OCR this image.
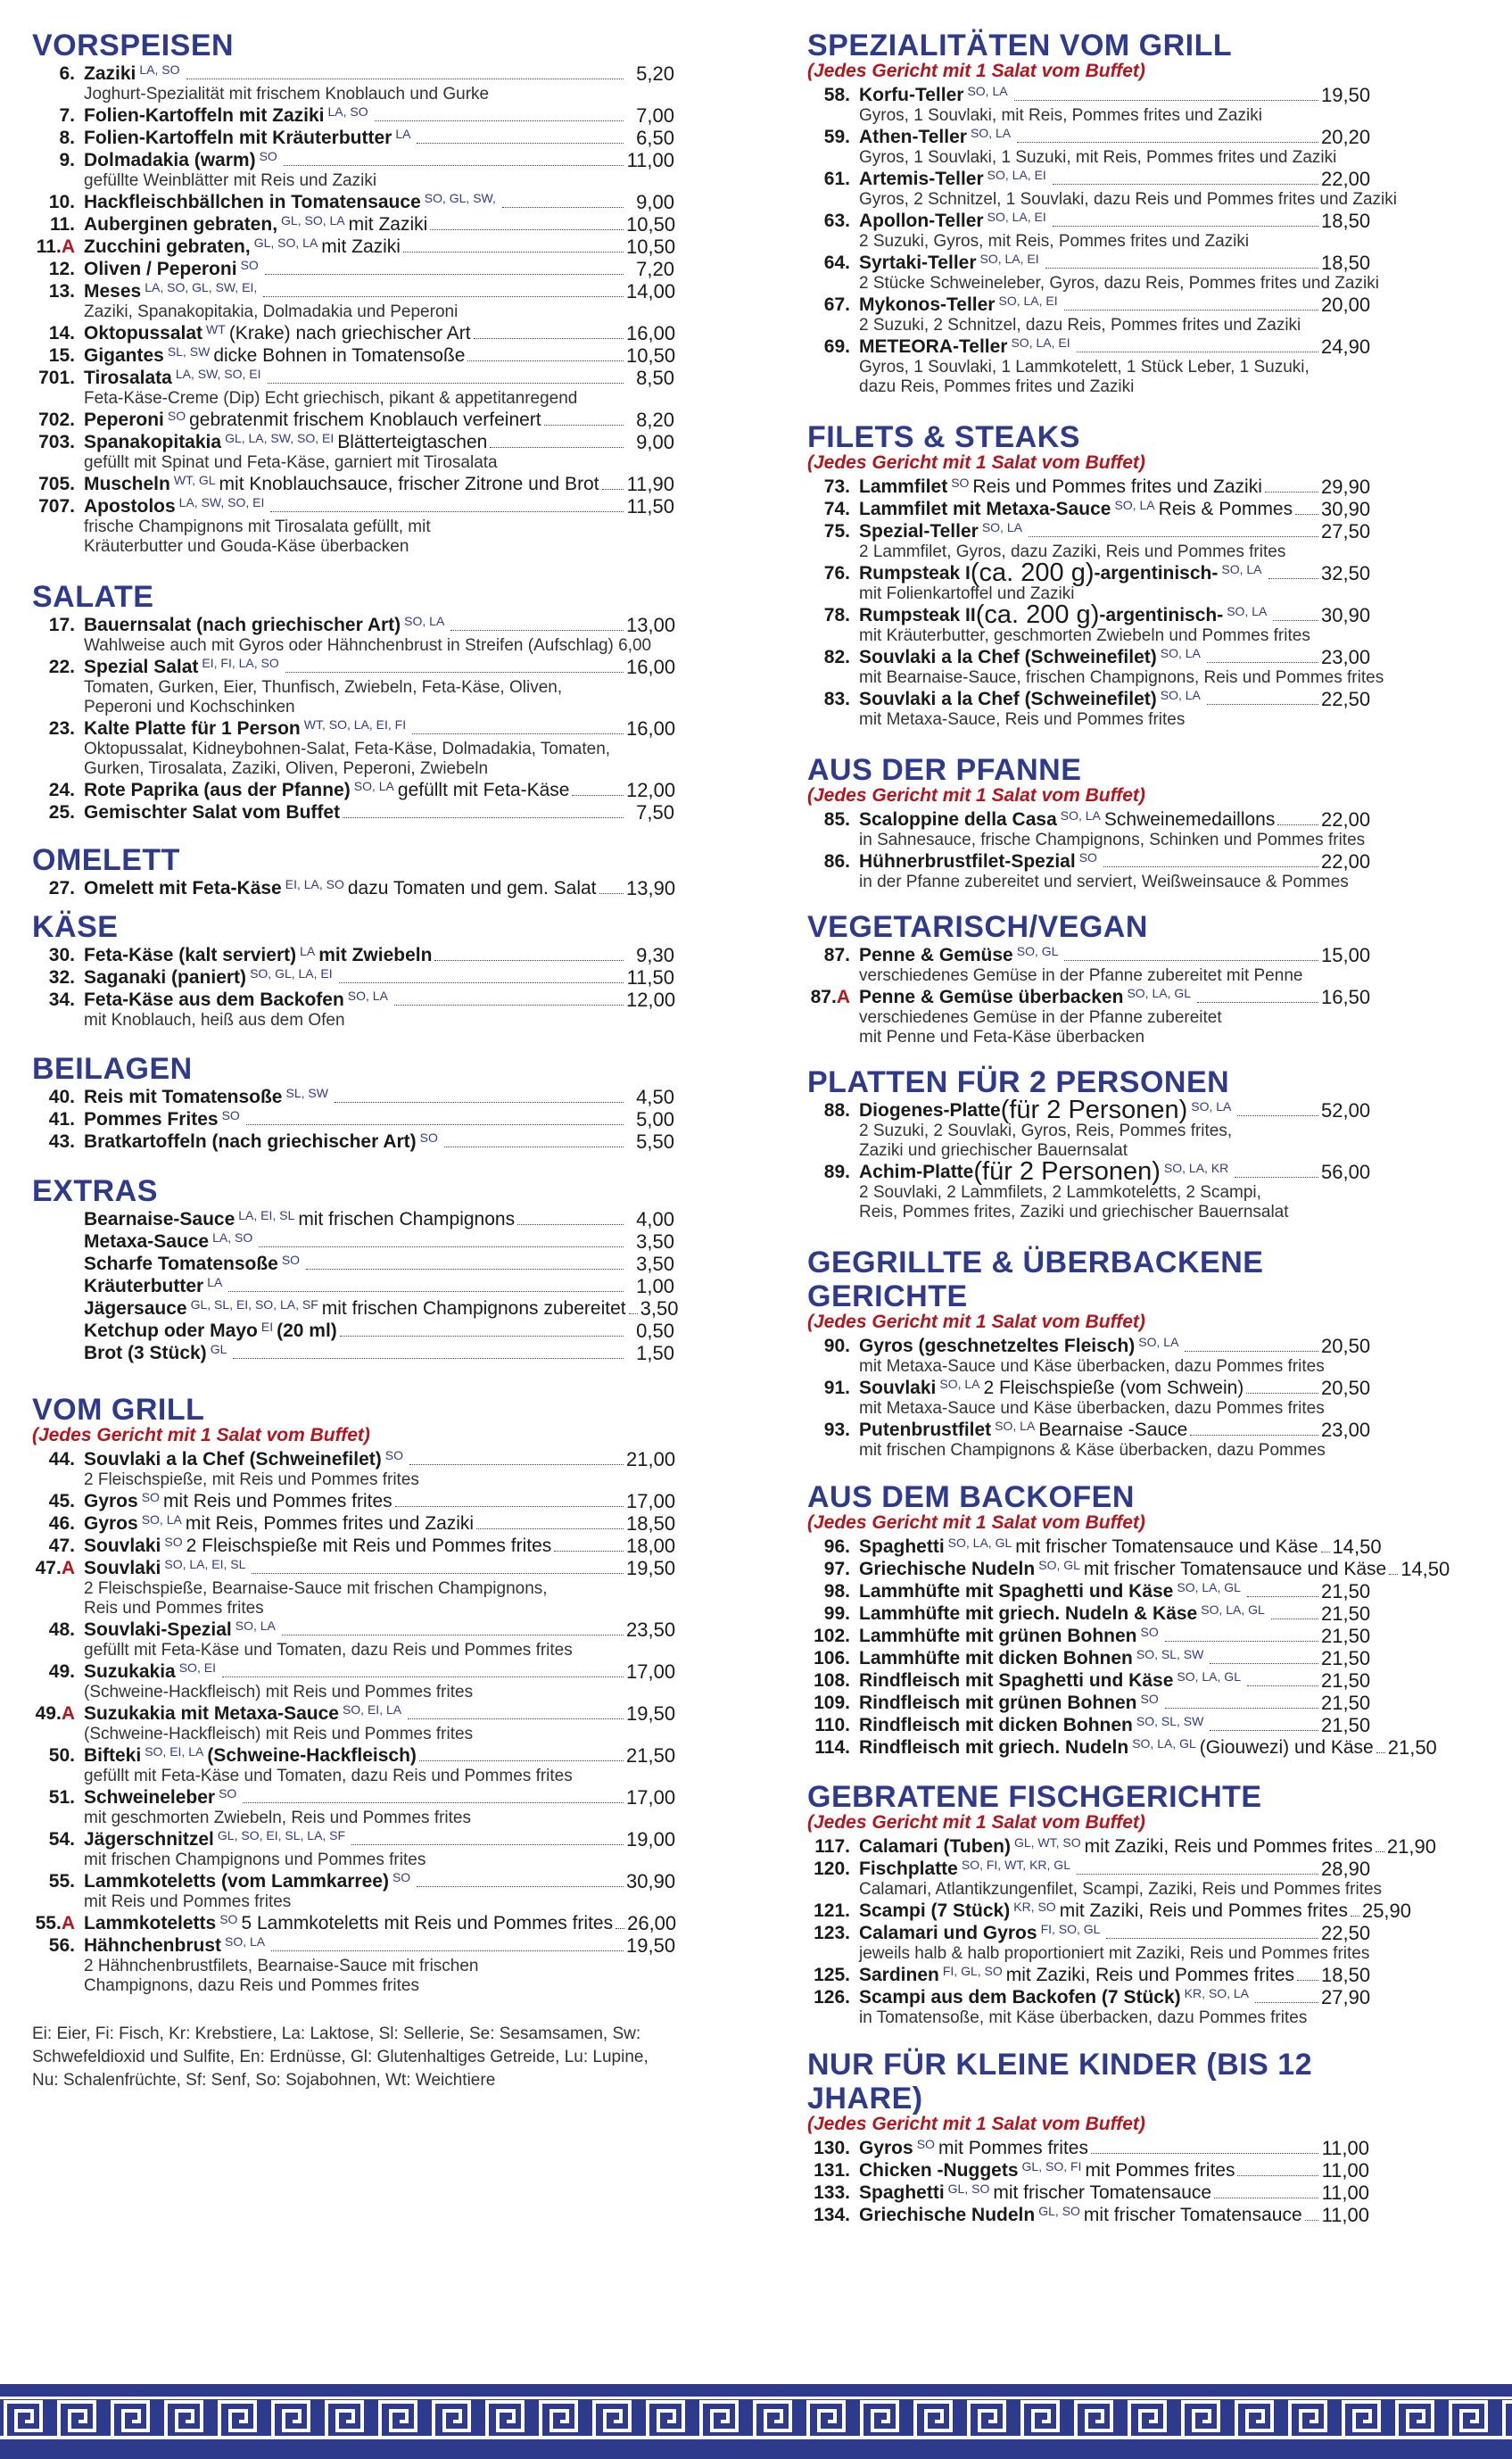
VORSPEISEN
6. Zaziki LA, SO	5,20
Joghurt-Spezialität mit frischem Knoblauch und Gurke
7. Folien-Kartoffeln mit Zaziki LA, SO	7,00
8. Folien-Kartoffeln mit Kräuterbutter LA	6,50
9. Dolmadakia (warm) SO	11,00
gefüllte Weinblätter mit Reis und Zaziki
10. Hackfleischbällchen in Tomatensauce SO, GL, SW,	9,00
11. Auberginen gebraten, GL, SO, LA mit Zaziki	10,50
11.A Zucchini gebraten, GL, SO, LA mit Zaziki	10,50
12. Oliven / Peperoni SO	7,20
13. Meses LA, SO, GL, SW, EI,	14,00
Zaziki, Spanakopitakia, Dolmadakia und Peperoni
14. Oktopussalat WT (Krake) nach griechischer Art	16,00
15. Gigantes SL, SW dicke Bohnen in Tomatensoße	10,50
701. Tirosalata LA, SW, SO, EI	8,50
Feta-Käse-Creme (Dip) Echt griechisch, pikant & appetitanregend
702. Peperoni SO gebraten mit frischem Knoblauch verfeinert	8,20
703. Spanakopitakia GL, LA, SW, SO, EI Blätterteigtaschen	9,00
gefüllt mit Spinat und Feta-Käse, garniert mit Tirosalata
705. Muscheln WT, GL mit Knoblauchsauce, frischer Zitrone und Brot 11,90
707. Apostolos LA, SW, SO, EI	11,50
frische Champignons mit Tirosalata gefüllt, mit
Kräuterbutter und Gouda-Käse überbacken
SALATE
17. Bauernsalat (nach griechischer Art) SO, LA	13,00
Wahlweise auch mit Gyros oder Hähnchenbrust in Streifen (Aufschlag) 6,00
22. Spezial Salat EI, FI, LA, SO	16,00
Tomaten, Gurken, Eier, Thunfisch, Zwiebeln, Feta-Käse, Oliven,
Peperoni und Kochschinken
23. Kalte Platte für 1 Person WT, SO, LA, EI, FI	16,00
Oktopussalat, Kidneybohnen-Salat, Feta-Käse, Dolmadakia, Tomaten,
Gurken, Tirosalata, Zaziki, Oliven, Peperoni, Zwiebeln
24. Rote Paprika (aus der Pfanne) SO, LA gefüllt mit Feta-Käse	12,00
25. Gemischter Salat vom Buffet	7,50
OMELETT
27. Omelett mit Feta-Käse EI, LA, SO dazu Tomaten und gem. Salat 13,90
KÄSE
30. Feta-Käse (kalt serviert) LA mit Zwiebeln	9,30
32. Saganaki (paniert) SO, GL, LA, EI	11,50
34. Feta-Käse aus dem Backofen SO, LA	12,00
mit Knoblauch, heiß aus dem Ofen
BEILAGEN
40. Reis mit Tomatensoße SL, SW	4,50
41. Pommes Frites SO	5,00
43. Bratkartoffeln (nach griechischer Art) SO	5,50
EXTRAS
Bearnaise-Sauce LA, EI, SL mit frischen Champignons	4,00
Metaxa-Sauce LA, SO	3,50
Scharfe Tomatensoße SO	3,50
Kräuterbutter LA	1,00
Jägersauce GL, SL, EI, SO, LA, SF mit frischen Champignons zubereitet 3,50
Ketchup oder Mayo EI (20 ml)	0,50
Brot (3 Stück) GL	1,50
VOM GRILL
(Jedes Gericht mit 1 Salat vom Buffet)
44. Souvlaki a la Chef (Schweinefilet) SO	21,00
2 Fleischspieße, mit Reis und Pommes frites
45. Gyros SO mit Reis und Pommes frites	17,00
46. Gyros SO, LA mit Reis, Pommes frites und Zaziki	18,50
47. Souvlaki SO 2 Fleischspieße mit Reis und Pommes frites	18,00
47.A Souvlaki SO, LA, EI, SL	19,50
2 Fleischspieße, Bearnaise-Sauce mit frischen Champignons,
Reis und Pommes frites
48. Souvlaki-Spezial SO, LA	23,50
gefüllt mit Feta-Käse und Tomaten, dazu Reis und Pommes frites
49. Suzukakia SO, EI	17,00
(Schweine-Hackfleisch) mit Reis und Pommes frites
49.A Suzukakia mit Metaxa-Sauce SO, EI, LA	19,50
(Schweine-Hackfleisch) mit Reis und Pommes frites
50. Bifteki SO, EI, LA (Schweine-Hackfleisch)	21,50
gefüllt mit Feta-Käse und Tomaten, dazu Reis und Pommes frites
51. Schweineleber SO	17,00
mit geschmorten Zwiebeln, Reis und Pommes frites
54. Jägerschnitzel GL, SO, EI, SL, LA, SF	19,00
mit frischen Champignons und Pommes frites
55. Lammkoteletts (vom Lammkarree) SO	30,90
mit Reis und Pommes frites
55.A Lammkoteletts SO 5 Lammkoteletts mit Reis und Pommes frites 26,00
56. Hähnchenbrust SO, LA	19,50
2 Hähnchenbrustfilets, Bearnaise-Sauce mit frischen
Champignons, dazu Reis und Pommes frites
Ei: Eier, Fi: Fisch, Kr: Krebstiere, La: Laktose, Sl: Sellerie, Se: Sesamsamen, Sw: Schwefeldioxid und Sulfite, En: Erdnüsse, Gl: Glutenhaltiges Getreide, Lu: Lupine, Nu: Schalenfrüchte, Sf: Senf, So: Sojabohnen, Wt: Weichtiere
SPEZIALITÄTEN VOM GRILL
(Jedes Gericht mit 1 Salat vom Buffet)
58. Korfu-Teller SO, LA	19,50
Gyros, 1 Souvlaki, mit Reis, Pommes frites und Zaziki
59. Athen-Teller SO, LA	20,20
Gyros, 1 Souvlaki, 1 Suzuki, mit Reis, Pommes frites und Zaziki
61. Artemis-Teller SO, LA, EI	22,00
Gyros, 2 Schnitzel, 1 Souvlaki, dazu Reis und Pommes frites und Zaziki
63. Apollon-Teller SO, LA, EI	18,50
2 Suzuki, Gyros, mit Reis, Pommes frites und Zaziki
64. Syrtaki-Teller SO, LA, EI	18,50
2 Stücke Schweineleber, Gyros, dazu Reis, Pommes frites und Zaziki
67. Mykonos-Teller SO, LA, EI	20,00
2 Suzuki, 2 Schnitzel, dazu Reis, Pommes frites und Zaziki
69. METEORA-Teller SO, LA, EI	24,90
Gyros, 1 Souvlaki, 1 Lammkotelett, 1 Stück Leber, 1 Suzuki,
dazu Reis, Pommes frites und Zaziki
FILETS & STEAKS
(Jedes Gericht mit 1 Salat vom Buffet)
73. Lammfilet SO Reis und Pommes frites und Zaziki	29,90
74. Lammfilet mit Metaxa-Sauce SO, LA Reis & Pommes 30,90
75. Spezial-Teller SO, LA	27,50
2 Lammfilet, Gyros, dazu Zaziki, Reis und Pommes frites
76. Rumpsteak I (ca. 200 g) -argentinisch- SO, LA	32,50
mit Folienkartoffel und Zaziki
78. Rumpsteak II (ca. 200 g) -argentinisch- SO, LA	30,90
mit Kräuterbutter, geschmorten Zwiebeln und Pommes frites
82. Souvlaki a la Chef (Schweinefilet) SO, LA	23,00
mit Bearnaise-Sauce, frischen Champignons, Reis und Pommes frites
83. Souvlaki a la Chef (Schweinefilet) SO, LA	22,50
mit Metaxa-Sauce, Reis und Pommes frites
AUS DER PFANNE
(Jedes Gericht mit 1 Salat vom Buffet)
85. Scaloppine della Casa SO, LA Schweinemedaillons 22,00
in Sahnesauce, frische Champignons, Schinken und Pommes frites
86. Hühnerbrustfilet-Spezial SO	22,00
in der Pfanne zubereitet und serviert, Weißweinsauce & Pommes
VEGETARISCH/VEGAN
87. Penne & Gemüse SO, GL	15,00
verschiedenes Gemüse in der Pfanne zubereitet mit Penne
87.A Penne & Gemüse überbacken SO, LA, GL	16,50
verschiedenes Gemüse in der Pfanne zubereitet
mit Penne und Feta-Käse überbacken
PLATTEN FÜR 2 PERSONEN
88. Diogenes-Platte (für 2 Personen) SO, LA	52,00
2 Suzuki, 2 Souvlaki, Gyros, Reis, Pommes frites,
Zaziki und griechischer Bauernsalat
89. Achim-Platte (für 2 Personen) SO, LA, KR	56,00
2 Souvlaki, 2 Lammfilets, 2 Lammkoteletts, 2 Scampi,
Reis, Pommes frites, Zaziki und griechischer Bauernsalat
GEGRILLTE & ÜBERBACKENE GERICHTE
(Jedes Gericht mit 1 Salat vom Buffet)
90. Gyros (geschnetzeltes Fleisch) SO, LA	20,50
mit Metaxa-Sauce und Käse überbacken, dazu Pommes frites
91. Souvlaki SO, LA 2 Fleischspieße (vom Schwein)	20,50
mit Metaxa-Sauce und Käse überbacken, dazu Pommes frites
93. Putenbrustfilet SO, LA Bearnaise -Sauce	23,00
mit frischen Champignons & Käse überbacken, dazu Pommes
AUS DEM BACKOFEN
(Jedes Gericht mit 1 Salat vom Buffet)
96. Spaghetti SO, LA, GL mit frischer Tomatensauce und Käse 14,50
97. Griechische Nudeln SO, GL mit frischer Tomatensauce und Käse 14,50
98. Lammhüfte mit Spaghetti und Käse SO, LA, GL	21,50
99. Lammhüfte mit griech. Nudeln & Käse SO, LA, GL	21,50
102. Lammhüfte mit grünen Bohnen SO	21,50
106. Lammhüfte mit dicken Bohnen SO, SL, SW	21,50
108. Rindfleisch mit Spaghetti und Käse SO, LA, GL	21,50
109. Rindfleisch mit grünen Bohnen SO	21,50
110. Rindfleisch mit dicken Bohnen SO, SL, SW	21,50
114. Rindfleisch mit griech. Nudeln SO, LA, GL (Giouwezi) und Käse 21,50
GEBRATENE FISCHGERICHTE
(Jedes Gericht mit 1 Salat vom Buffet)
117. Calamari (Tuben) GL, WT, SO mit Zaziki, Reis und Pommes frites 21,90
120. Fischplatte SO, FI, WT, KR, GL	28,90
Calamari, Atlantikzungenfilet, Scampi, Zaziki, Reis und Pommes frites
121. Scampi (7 Stück) KR, SO mit Zaziki, Reis und Pommes frites 25,90
123. Calamari und Gyros FI, SO, GL	22,50
jeweils halb & halb proportioniert mit Zaziki, Reis und Pommes frites
125. Sardinen FI, GL, SO mit Zaziki, Reis und Pommes frites 18,50
126. Scampi aus dem Backofen (7 Stück) KR, SO, LA	27,90
in Tomatensoße, mit Käse überbacken, dazu Pommes frites
NUR FÜR KLEINE KINDER (BIS 12 JHARE)
(Jedes Gericht mit 1 Salat vom Buffet)
130. Gyros SO mit Pommes frites	11,00
131. Chicken -Nuggets GL, SO, FI mit Pommes frites	11,00
133. Spaghetti GL, SO mit frischer Tomatensauce	11,00
134. Griechische Nudeln GL, SO mit frischer Tomatensauce 11,00
